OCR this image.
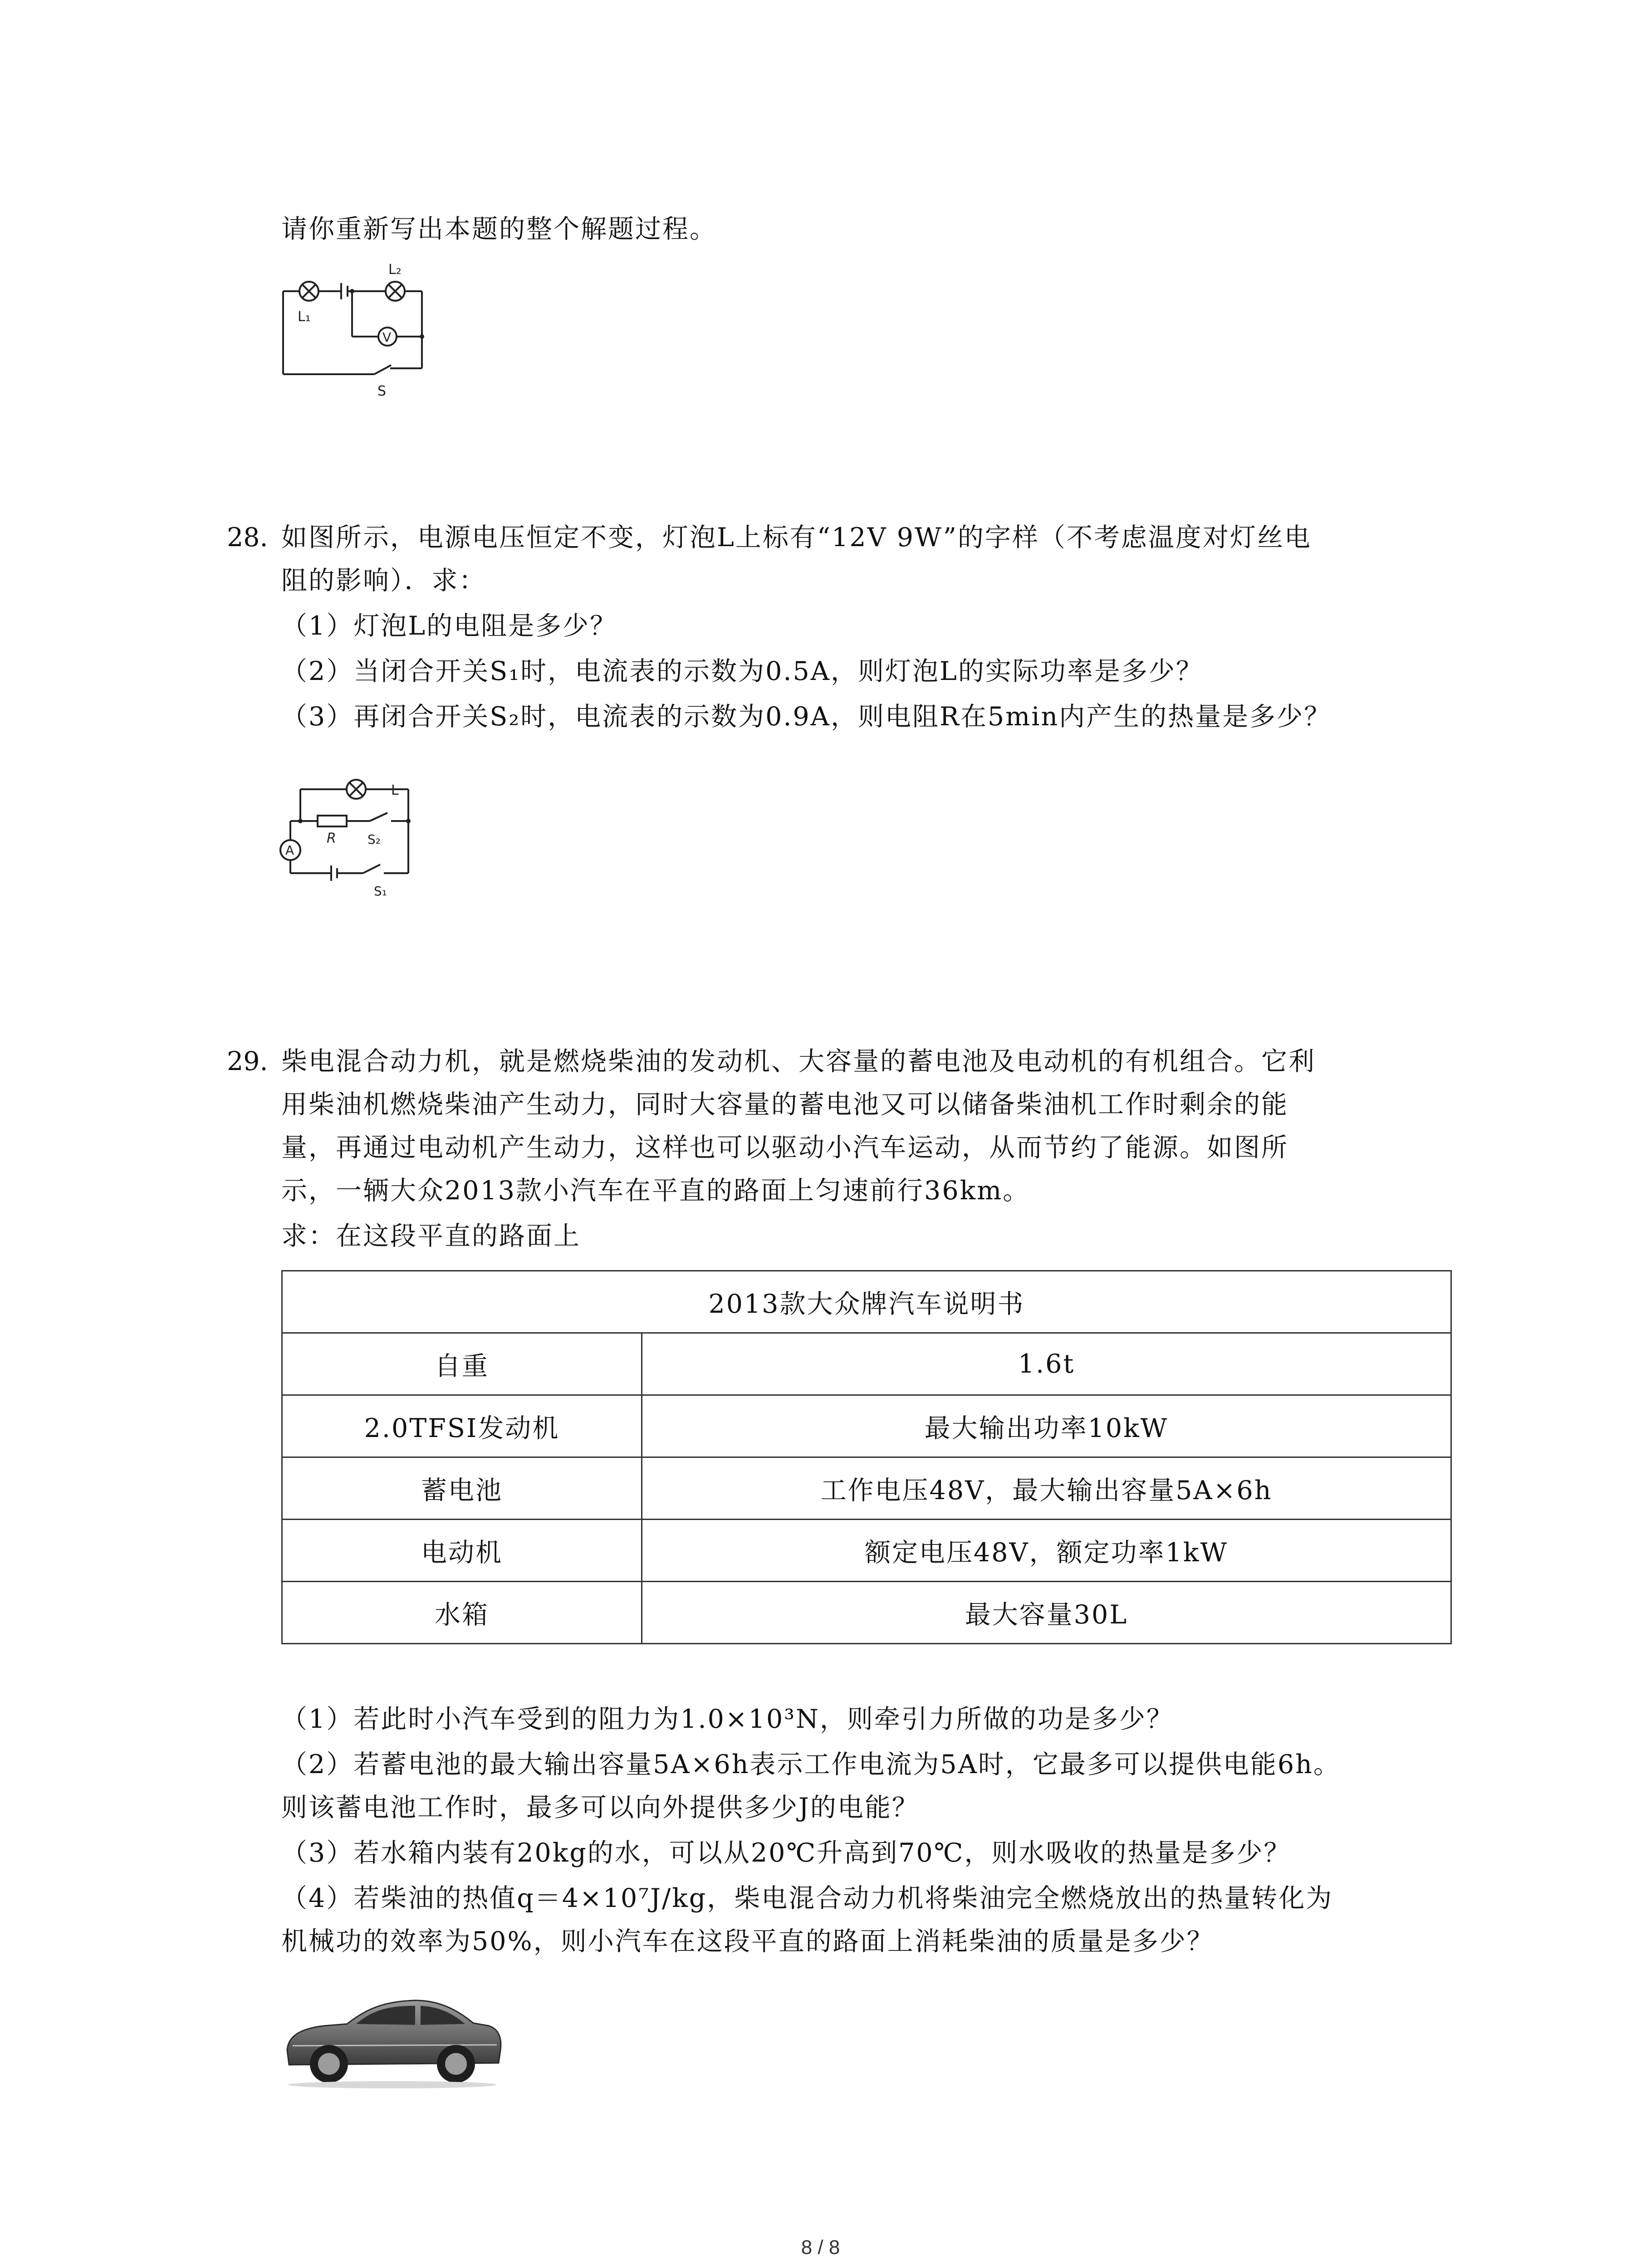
请你重新写出本题的整个解题过程。
L₁
L₂
V
S
28. 如图所示，电源电压恒定不变，灯泡L上标有“12V 9W”的字样（不考虑温度对灯丝电
阻的影响）．求：
（1）灯泡L的电阻是多少？
（2）当闭合开关S₁时，电流表的示数为0.5A，则灯泡L的实际功率是多少？
（3）再闭合开关S₂时，电流表的示数为0.9A，则电阻R在5min内产生的热量是多少？
L
R S₂
A
S₁
29. 柴电混合动力机，就是燃烧柴油的发动机、大容量的蓄电池及电动机的有机组合。它利
用柴油机燃烧柴油产生动力，同时大容量的蓄电池又可以储备柴油机工作时剩余的能
量，再通过电动机产生动力，这样也可以驱动小汽车运动，从而节约了能源。如图所
示，一辆大众2013款小汽车在平直的路面上匀速前行36km。
求：在这段平直的路面上
2013款大众牌汽车说明书	
自重	1.6t
2.0TFSI发动机	最大输出功率10kW
蓄电池	工作电压48V，最大输出容量5A×6h
电动机	额定电压48V，额定功率1kW
水箱	最大容量30L
（1）若此时小汽车受到的阻力为1.0×10³N，则牵引力所做的功是多少？
（2）若蓄电池的最大输出容量5A×6h表示工作电流为5A时，它最多可以提供电能6h。
则该蓄电池工作时，最多可以向外提供多少J的电能？
（3）若水箱内装有20kg的水，可以从20℃升高到70℃，则水吸收的热量是多少？
（4）若柴油的热值q＝4×10⁷J/kg，柴电混合动力机将柴油完全燃烧放出的热量转化为
机械功的效率为50%，则小汽车在这段平直的路面上消耗柴油的质量是多少？
8 / 8
